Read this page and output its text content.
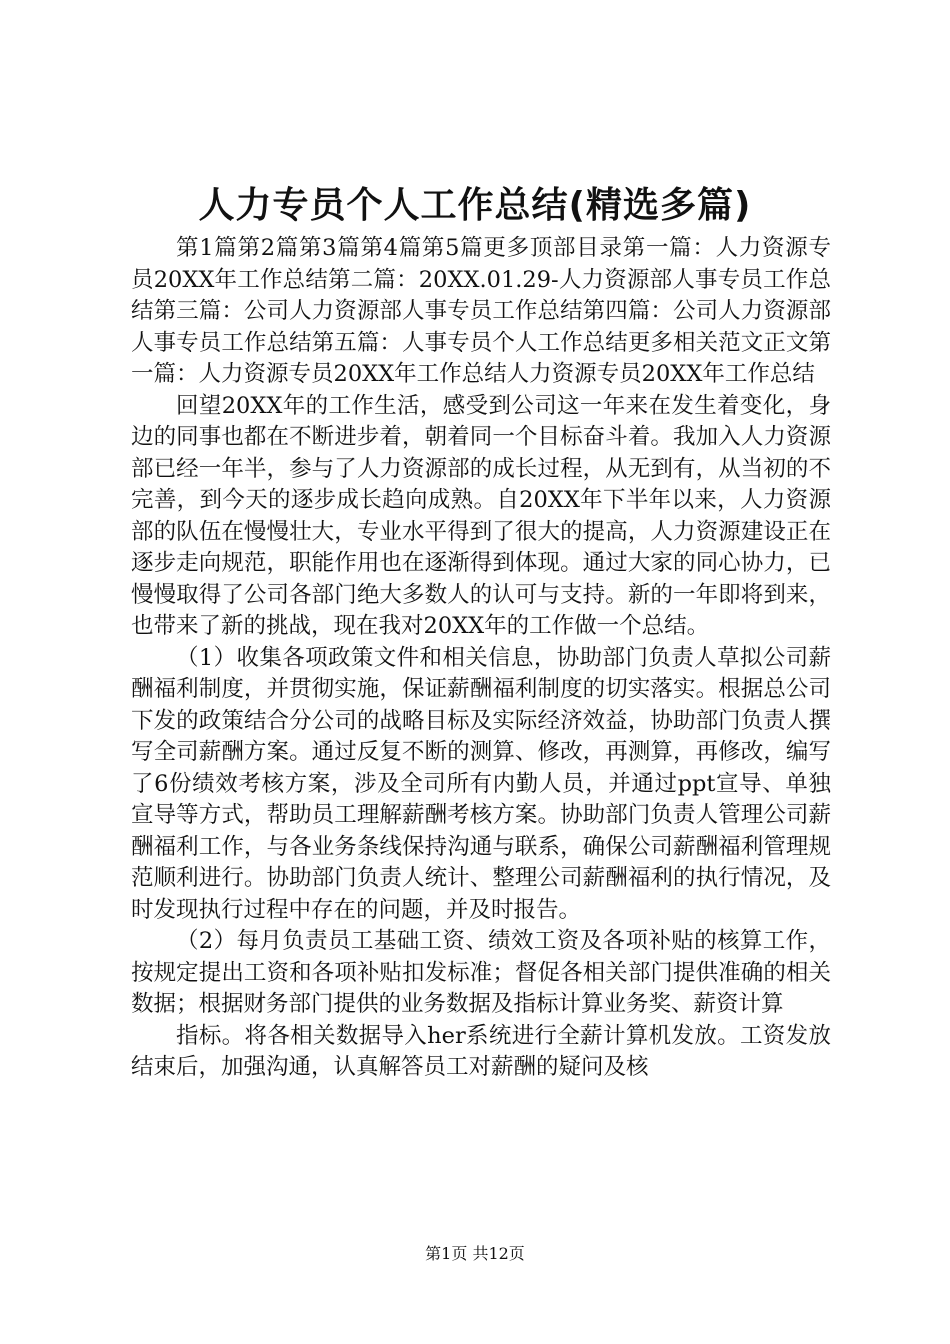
人力专员个人工作总结(精选多篇)

第1篇第2篇第3篇第4篇第5篇更多顶部目录第一篇：人力资源专员20XX年工作总结第二篇：20XX.01.29-人力资源部人事专员工作总结第三篇：公司人力资源部人事专员工作总结第四篇：公司人力资源部人事专员工作总结第五篇：人事专员个人工作总结更多相关范文正文第一篇：人力资源专员20XX年工作总结人力资源专员20XX年工作总结

回望20XX年的工作生活，感受到公司这一年来在发生着变化，身边的同事也都在不断进步着，朝着同一个目标奋斗着。我加入人力资源部已经一年半，参与了人力资源部的成长过程，从无到有，从当初的不完善，到今天的逐步成长趋向成熟。自20XX年下半年以来，人力资源部的队伍在慢慢壮大，专业水平得到了很大的提高，人力资源建设正在逐步走向规范，职能作用也在逐渐得到体现。通过大家的同心协力，已慢慢取得了公司各部门绝大多数人的认可与支持。新的一年即将到来，也带来了新的挑战，现在我对20XX年的工作做一个总结。

（1）收集各项政策文件和相关信息，协助部门负责人草拟公司薪酬福利制度，并贯彻实施，保证薪酬福利制度的切实落实。根据总公司下发的政策结合分公司的战略目标及实际经济效益，协助部门负责人撰写全司薪酬方案。通过反复不断的测算、修改，再测算，再修改，编写了6份绩效考核方案，涉及全司所有内勤人员，并通过ppt宣导、单独宣导等方式，帮助员工理解薪酬考核方案。协助部门负责人管理公司薪酬福利工作，与各业务条线保持沟通与联系，确保公司薪酬福利管理规范顺利进行。协助部门负责人统计、整理公司薪酬福利的执行情况，及时发现执行过程中存在的问题，并及时报告。

（2）每月负责员工基础工资、绩效工资及各项补贴的核算工作，按规定提出工资和各项补贴扣发标准；督促各相关部门提供准确的相关数据；根据财务部门提供的业务数据及指标计算业务奖、薪资计算

指标。将各相关数据导入her系统进行全薪计算机发放。工资发放结束后，加强沟通，认真解答员工对薪酬的疑问及核

第1页 共12页
